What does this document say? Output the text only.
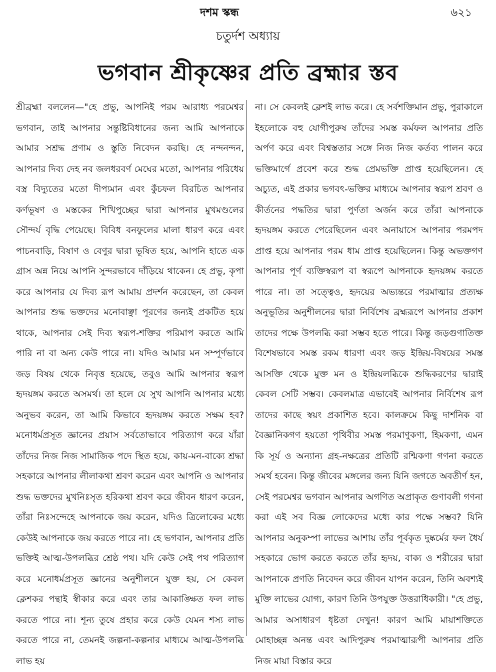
দশম স্কন্ধ	৬২১
চতুর্দশ অধ্যায়
ভগবান শ্রীকৃষ্ণের প্রতি ব্রহ্মার স্তব

শ্রীব্রহ্মা বললেন—"হে প্রভু, আপনিই পরম আরাধ্য পরমেশ্বর ভগবান, তাই আপনার সন্তুষ্টিবিধানের জন্য আমি আপনাকে আমার সশ্রদ্ধ প্রণাম ও স্তুতি নিবেদন করছি। হে নন্দনন্দন, আপনার দিব্য দেহ নব জলধরবর্ণ মেঘের মতো, আপনার পরিধেয় বস্ত্র বিদ্যুতের মতো দীপ্যমান এবং কুঁচফল বিরচিত আপনার কর্ণভূষণ ও মস্তকের শিখিপুচ্ছের দ্বারা আপনার মুখমণ্ডলের সৌন্দর্য বৃদ্ধি পেয়েছে। বিবিধ বনফুলের মালা ধারণ করে এবং পাচনবাড়ি, বিষাণ ও বেণুর দ্বারা ভূষিত হয়ে, আপনি হাতে এক গ্রাস অন্ন নিয়ে আপনি সুন্দরভাবে দাঁড়িয়ে থাকেন। হে প্রভু, কৃপা করে আপনার যে দিব্য রূপ আমায় প্রদর্শন করেছেন, তা কেবল আপনার শুদ্ধ ভক্তদের মনোবাঞ্ছা পূরণের জন্যই প্রকটিত হয়ে থাকে, আপনার সেই দিব্য স্বরূপ-শক্তির পরিমাপ করতে আমি পারি না বা অন্য কেউ পারে না। যদিও আমার মন সম্পূর্ণভাবে জড় বিষয় থেকে নিবৃত্ত হয়েছে, তবুও আমি আপনার স্বরূপ হৃদয়ঙ্গম করতে অসমর্থ। তা হলে যে সুখ আপনি আপনার মধ্যে অনুভব করেন, তা আমি কিভাবে হৃদয়ঙ্গম করতে সক্ষম হব? মনোধর্মপ্রসূত জ্ঞানের প্রয়াস সর্বতোভাবে পরিত্যাগ করে যাঁরা তাঁদের নিজ নিজ সামাজিক পদে স্থিত হয়ে, কায়-মন-বাক্যে শ্রদ্ধা সহকারে আপনার লীলাকথা শ্রবণ করেন এবং আপনি ও আপনার শুদ্ধ ভক্তদের মুখনিঃসৃত হরিকথা শ্রবণ করে জীবন ধারণ করেন, তাঁরা নিঃসন্দেহে আপনাকে জয় করেন, যদিও ত্রিলোকের মধ্যে কেউই আপনাকে জয় করতে পারে না। হে ভগবান, আপনার প্রতি ভক্তিই আত্ম-উপলব্ধির শ্রেষ্ঠ পথ। যদি কেউ সেই পথ পরিত্যাগ করে মনোধর্মপ্রসূত জ্ঞানের অনুশীলনে যুক্ত হয়, সে কেবল ক্লেশকর পন্থাই স্বীকার করে এবং তার আকাঙ্ক্ষিত ফল লাভ করতে পারে না। শূন্য তুষে প্রহার করে কেউ যেমন শস্য লাভ করতে পারে না, তেমনই জল্পনা-কল্পনার মাধ্যমে আত্ম-উপলব্ধি লাভ হয়

না। সে কেবলই ক্লেশই লাভ করে। হে সর্বশক্তিমান প্রভু, পুরাকালে ইহলোকে বহু যোগীপুরুষ তাঁদের সমস্ত কর্মফল আপনার প্রতি অর্পণ করে এবং বিশ্বস্ততার সঙ্গে নিজ নিজ কর্তব্য পালন করে ভক্তিমার্গে প্রবেশ করে শুদ্ধ প্রেমভক্তি প্রাপ্ত হয়েছিলেন। হে অচ্যুত, এই প্রকার ভগবৎ-ভক্তির মাধ্যমে আপনার স্বরূপ শ্রবণ ও কীর্তনের পদ্ধতির দ্বারা পুর্ণতা অর্জন করে তাঁরা আপনাকে হৃদয়ঙ্গম করতে পেরেছিলেন এবং অনায়াসে আপনার পরমপদ প্রাপ্ত হয়ে আপনার পরম ধাম প্রাপ্ত হয়েছিলেন। কিন্তু অভক্তগণ আপনার পূর্ণ ব্যক্তিস্বরূপ বা স্বরূপে আপনাকে হৃদয়ঙ্গম করতে পারে না। তা সত্ত্বেও, হৃদয়ের অভ্যন্তরে পরমাত্মার প্রত্যক্ষ অনুভূতির অনুশীলনের দ্বারা নির্বিশেষ ব্রহ্মরূপে আপনার প্রকাশ তাদের পক্ষে উপলব্ধি করা সম্ভব হতে পারে। কিন্তু জড়গুণাতিক্ত বিশেষভাবে সমস্ত রকম ধারণা এবং জড় ইন্দ্রিয়-বিষয়ের সমস্ত আসক্তি থেকে মুক্ত মন ও ইন্দ্রিয়লব্ধিকে শুদ্ধিকরণের দ্বারাই কেবল সেটি সম্ভব। কেবলমাত্র এভাবেই আপনার নির্বিশেষ রূপ তাদের কাছে স্বয়ং প্রকাশিত হবে। কালক্রমে কিছু দার্শনিক বা বৈজ্ঞানিকগণ হয়তো পৃথিবীর সমস্ত পরমাণুকণা, হিমকণা, এমন কি সূর্য ও অন্যান্য গ্রহ-নক্ষত্রের প্রতিটি রশ্মিকণা গণনা করতে সমর্থ হবেন। কিন্তু জীবের মঙ্গলের জন্য যিনি জগতে অবতীর্ণ হন, সেই পরমেশ্বর ভগবান আপনার অগণিত অপ্রাকৃত গুণাবলী গণনা করা এই সব বিজ্ঞ লোকেদের মধ্যে কার পক্ষে সম্ভব? যিনি আপনার অনুকম্পা লাভের আশায় তাঁর পূর্বকৃত দুষ্কর্মের ফল ধৈর্য সহকারে ভোগ করতে করতে তাঁর হৃদয়, বাক্য ও শরীরের দ্বারা আপনাকে প্রণতি নিবেদন করে জীবন যাপন করেন, তিনি অবশ্যই মুক্তি লাভের যোগ্য, কারণ তিনি উপযুক্ত উত্তরাধিকারী। "হে প্রভু, আমার অসাধারণ ধৃষ্টতা দেখুন! কারণ আমি মায়াশক্তিতে মোহাচ্ছন্ন অনন্ত এবং আদিপুরুষ পরমাত্মারূপী আপনার প্রতি নিজ মায়া বিস্তার করে
